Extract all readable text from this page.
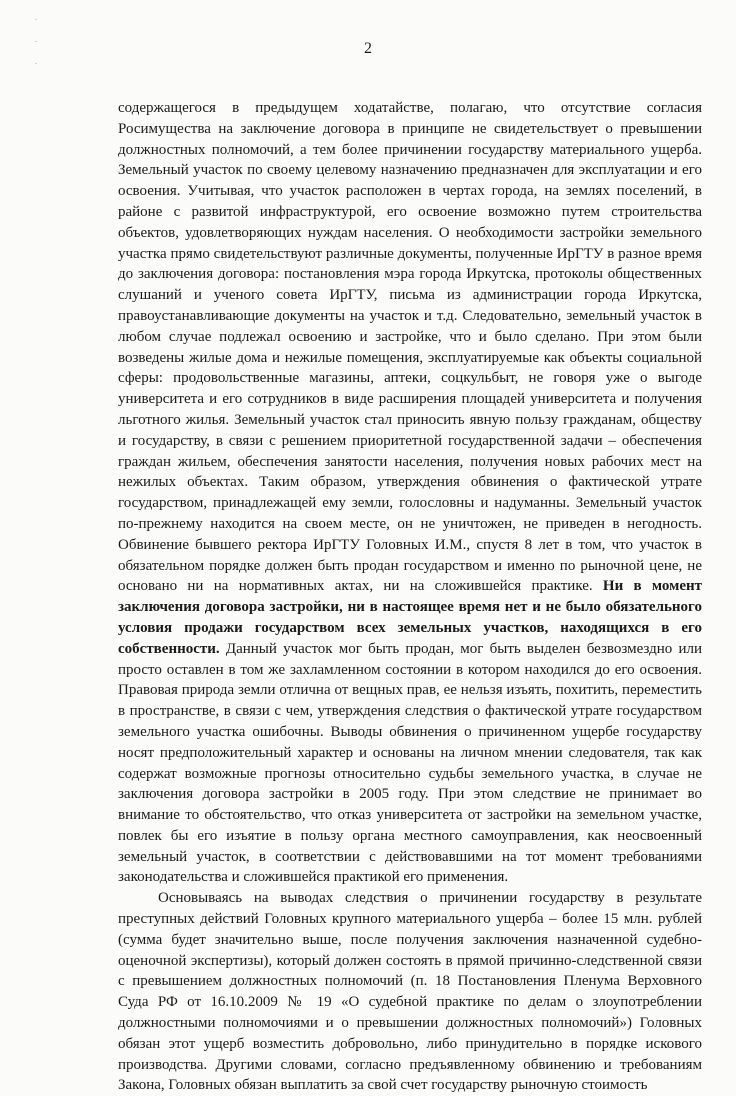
·
·
·
2

содержащегося в предыдущем ходатайстве, полагаю, что отсутствие согласия Росимущества на заключение договора в принципе не свидетельствует о превышении должностных полномочий, а тем более причинении государству материального ущерба. Земельный участок по своему целевому назначению предназначен для эксплуатации и его освоения. Учитывая, что участок расположен в чертах города, на землях поселений, в районе с развитой инфраструктурой, его освоение возможно путем строительства объектов, удовлетворяющих нуждам населения. О необходимости застройки земельного участка прямо свидетельствуют различные документы, полученные ИрГТУ в разное время до заключения договора: постановления мэра города Иркутска, протоколы общественных слушаний и ученого совета ИрГТУ, письма из администрации города Иркутска, правоустанавливающие документы на участок и т.д. Следовательно, земельный участок в любом случае подлежал освоению и застройке, что и было сделано. При этом были возведены жилые дома и нежилые помещения, эксплуатируемые как объекты социальной сферы: продовольственные магазины, аптеки, соцкульбыт, не говоря уже о выгоде университета и его сотрудников в виде расширения площадей университета и получения льготного жилья. Земельный участок стал приносить явную пользу гражданам, обществу и государству, в связи с решением приоритетной государственной задачи – обеспечения граждан жильем, обеспечения занятости населения, получения новых рабочих мест на нежилых объектах. Таким образом, утверждения обвинения о фактической утрате государством, принадлежащей ему земли, голословны и надуманны. Земельный участок по-прежнему находится на своем месте, он не уничтожен, не приведен в негодность. Обвинение бывшего ректора ИрГТУ Головных И.М., спустя 8 лет в том, что участок в обязательном порядке должен быть продан государством и именно по рыночной цене, не основано ни на нормативных актах, ни на сложившейся практике. Ни в момент заключения договора застройки, ни в настоящее время нет и не было обязательного условия продажи государством всех земельных участков, находящихся в его собственности. Данный участок мог быть продан, мог быть выделен безвозмездно или просто оставлен в том же захламленном состоянии в котором находился до его освоения. Правовая природа земли отлична от вещных прав, ее нельзя изъять, похитить, переместить в пространстве, в связи с чем, утверждения следствия о фактической утрате государством земельного участка ошибочны. Выводы обвинения о причиненном ущербе государству носят предположительный характер и основаны на личном мнении следователя, так как содержат возможные прогнозы относительно судьбы земельного участка, в случае не заключения договора застройки в 2005 году. При этом следствие не принимает во внимание то обстоятельство, что отказ университета от застройки на земельном участке, повлек бы его изъятие в пользу органа местного самоуправления, как неосвоенный земельный участок, в соответствии с действовавшими на тот момент требованиями законодательства и сложившейся практикой его применения.

Основываясь на выводах следствия о причинении государству в результате преступных действий Головных крупного материального ущерба – более 15 млн. рублей (сумма будет значительно выше, после получения заключения назначенной судебно-оценочной экспертизы), который должен состоять в прямой причинно-следственной связи с превышением должностных полномочий (п. 18 Постановления Пленума Верховного Суда РФ от 16.10.2009 № 19 «О судебной практике по делам о злоупотреблении должностными полномочиями и о превышении должностных полномочий») Головных обязан этот ущерб возместить добровольно, либо принудительно в порядке искового производства. Другими словами, согласно предъявленному обвинению и требованиям Закона, Головных обязан выплатить за свой счет государству рыночную стоимость
